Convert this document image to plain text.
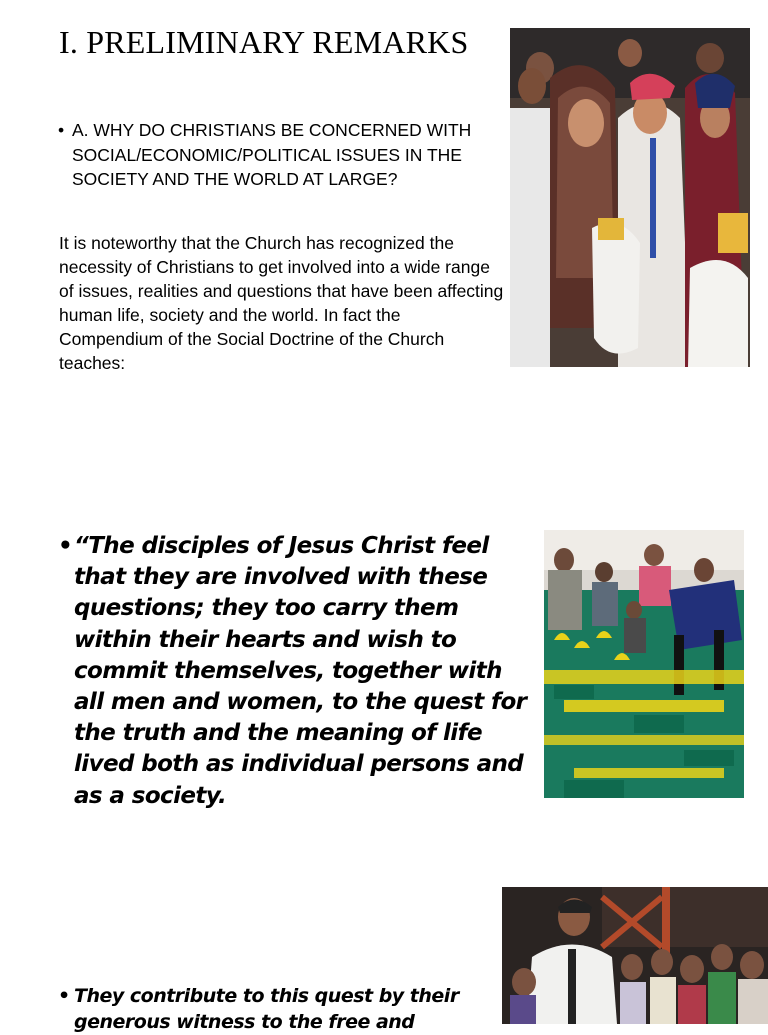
I. PRELIMINARY REMARKS
• A. WHY DO CHRISTIANS BE CONCERNED WITH SOCIAL/ECONOMIC/POLITICAL ISSUES IN THE SOCIETY AND THE WORLD AT LARGE?

It is noteworthy that the Church has recognized the necessity of Christians to get involved into a wide range of issues, realities and questions that have been affecting human life, society and the world. In fact the Compendium of the Social Doctrine of the Church teaches:

• “The disciples of Jesus Christ feel that they are involved with these questions; they too carry them within their hearts and wish to commit themselves, together with all men and women, to the quest for the truth and the meaning of life lived both as individual persons and as a society.
• They contribute to this quest by their generous witness to the free and
